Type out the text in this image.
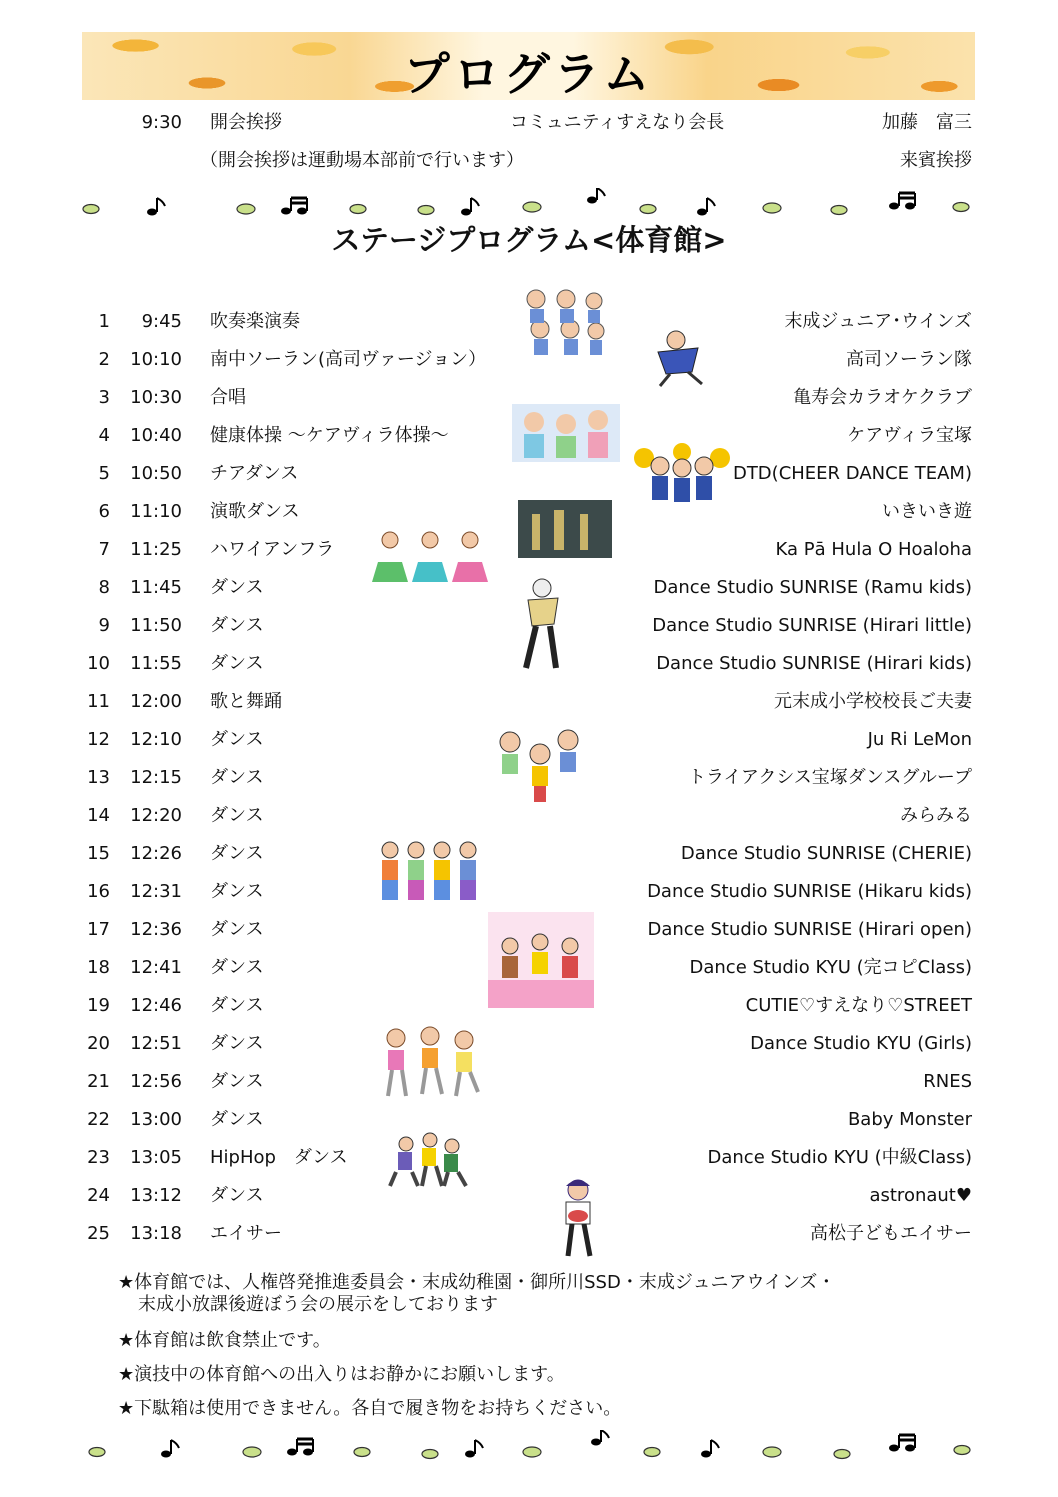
プログラム
9:30 開会挨拶	コミュニティすえなり会長	加藤　富三
（開会挨拶は運動場本部前で行います）	来賓挨拶
ステージプログラム<体育館>
1	9:45 吹奏楽演奏	末成ジュニア･ウインズ
2	10:10 南中ソーラン(高司ヴァージョン）	高司ソーラン隊
3	10:30 合唱	亀寿会カラオケクラブ
4	10:40 健康体操 ～ケアヴィラ体操～	ケアヴィラ宝塚
5	10:50 チアダンス	DTD(CHEER DANCE TEAM)
6	11:10 演歌ダンス	いきいき遊
7	11:25 ハワイアンフラ	Ka Pā Hula O Hoaloha
8	11:45 ダンス	Dance Studio SUNRISE (Ramu kids)
9	11:50 ダンス	Dance Studio SUNRISE (Hirari little)
10	11:55 ダンス	Dance Studio SUNRISE (Hirari kids)
11	12:00 歌と舞踊	元末成小学校校長ご夫妻
12	12:10 ダンス	Ju Ri LeMon
13	12:15 ダンス	トライアクシス宝塚ダンスグループ
14	12:20 ダンス	みらみる
15	12:26 ダンス	Dance Studio SUNRISE (CHERIE)
16	12:31 ダンス	Dance Studio SUNRISE (Hikaru kids)
17	12:36 ダンス	Dance Studio SUNRISE (Hirari open)
18	12:41 ダンス	Dance Studio KYU (完コピClass)
19	12:46 ダンス	CUTIE♡すえなり♡STREET
20	12:51 ダンス	Dance Studio KYU (Girls)
21	12:56 ダンス	RNES
22	13:00 ダンス	Baby Monster
23	13:05 HipHop　ダンス	Dance Studio KYU (中級Class)
24	13:12 ダンス	astronaut♥
25	13:18 エイサー	高松子どもエイサー
★体育館では、人権啓発推進委員会・末成幼稚園・御所川SSD・末成ジュニアウインズ・
末成小放課後遊ぼう会の展示をしております
★体育館は飲食禁止です。
★演技中の体育館への出入りはお静かにお願いします。
★下駄箱は使用できません。各自で履き物をお持ちください。
